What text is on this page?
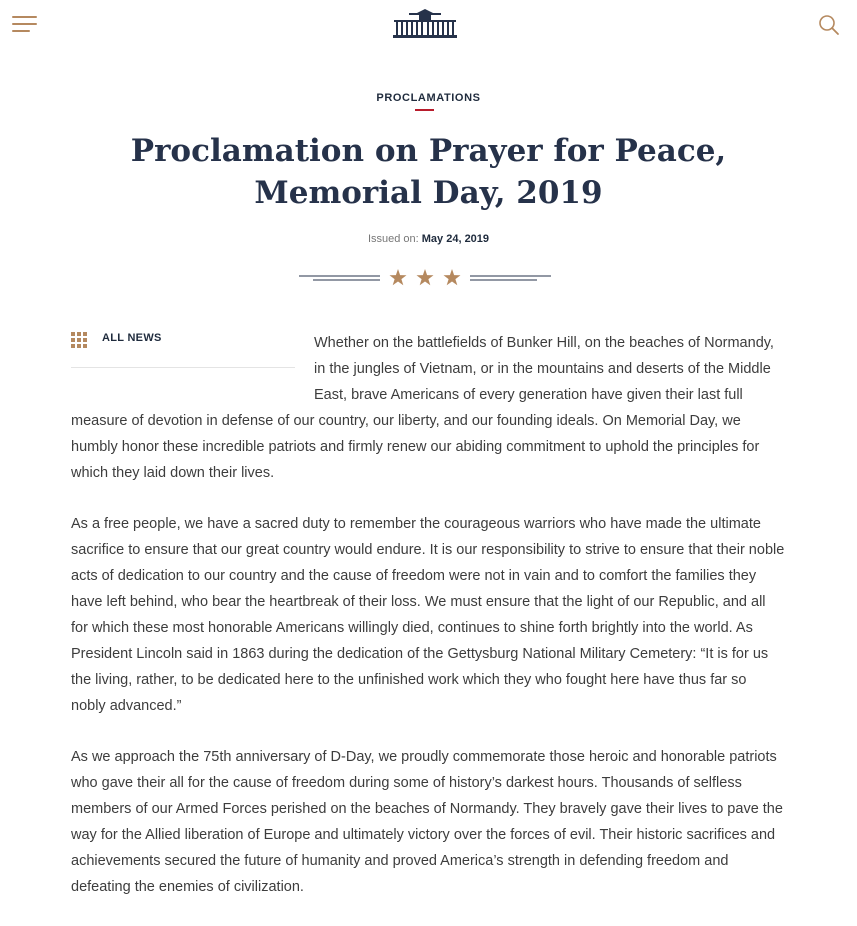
PROCLAMATIONS
Proclamation on Prayer for Peace, Memorial Day, 2019
Issued on: May 24, 2019
ALL NEWS	Whether on the battlefields of Bunker Hill, on the beaches of Normandy, in the jungles of Vietnam, or in the mountains and deserts of the Middle East, brave Americans of every generation have given their last full measure of devotion in defense of our country, our liberty, and our founding ideals. On Memorial Day, we humbly honor these incredible patriots and firmly renew our abiding commitment to uphold the principles for which they laid down their lives.

As a free people, we have a sacred duty to remember the courageous warriors who have made the ultimate sacrifice to ensure that our great country would endure. It is our responsibility to strive to ensure that their noble acts of dedication to our country and the cause of freedom were not in vain and to comfort the families they have left behind, who bear the heartbreak of their loss. We must ensure that the light of our Republic, and all for which these most honorable Americans willingly died, continues to shine forth brightly into the world. As President Lincoln said in 1863 during the dedication of the Gettysburg National Military Cemetery: “It is for us the living, rather, to be dedicated here to the unfinished work which they who fought here have thus far so nobly advanced.”

As we approach the 75th anniversary of D-Day, we proudly commemorate those heroic and honorable patriots who gave their all for the cause of freedom during some of history’s darkest hours. Thousands of selfless members of our Armed Forces perished on the beaches of Normandy. They bravely gave their lives to pave the way for the Allied liberation of Europe and ultimately victory over the forces of evil. Their historic sacrifices and achievements secured the future of humanity and proved America’s strength in defending freedom and defeating the enemies of civilization.
